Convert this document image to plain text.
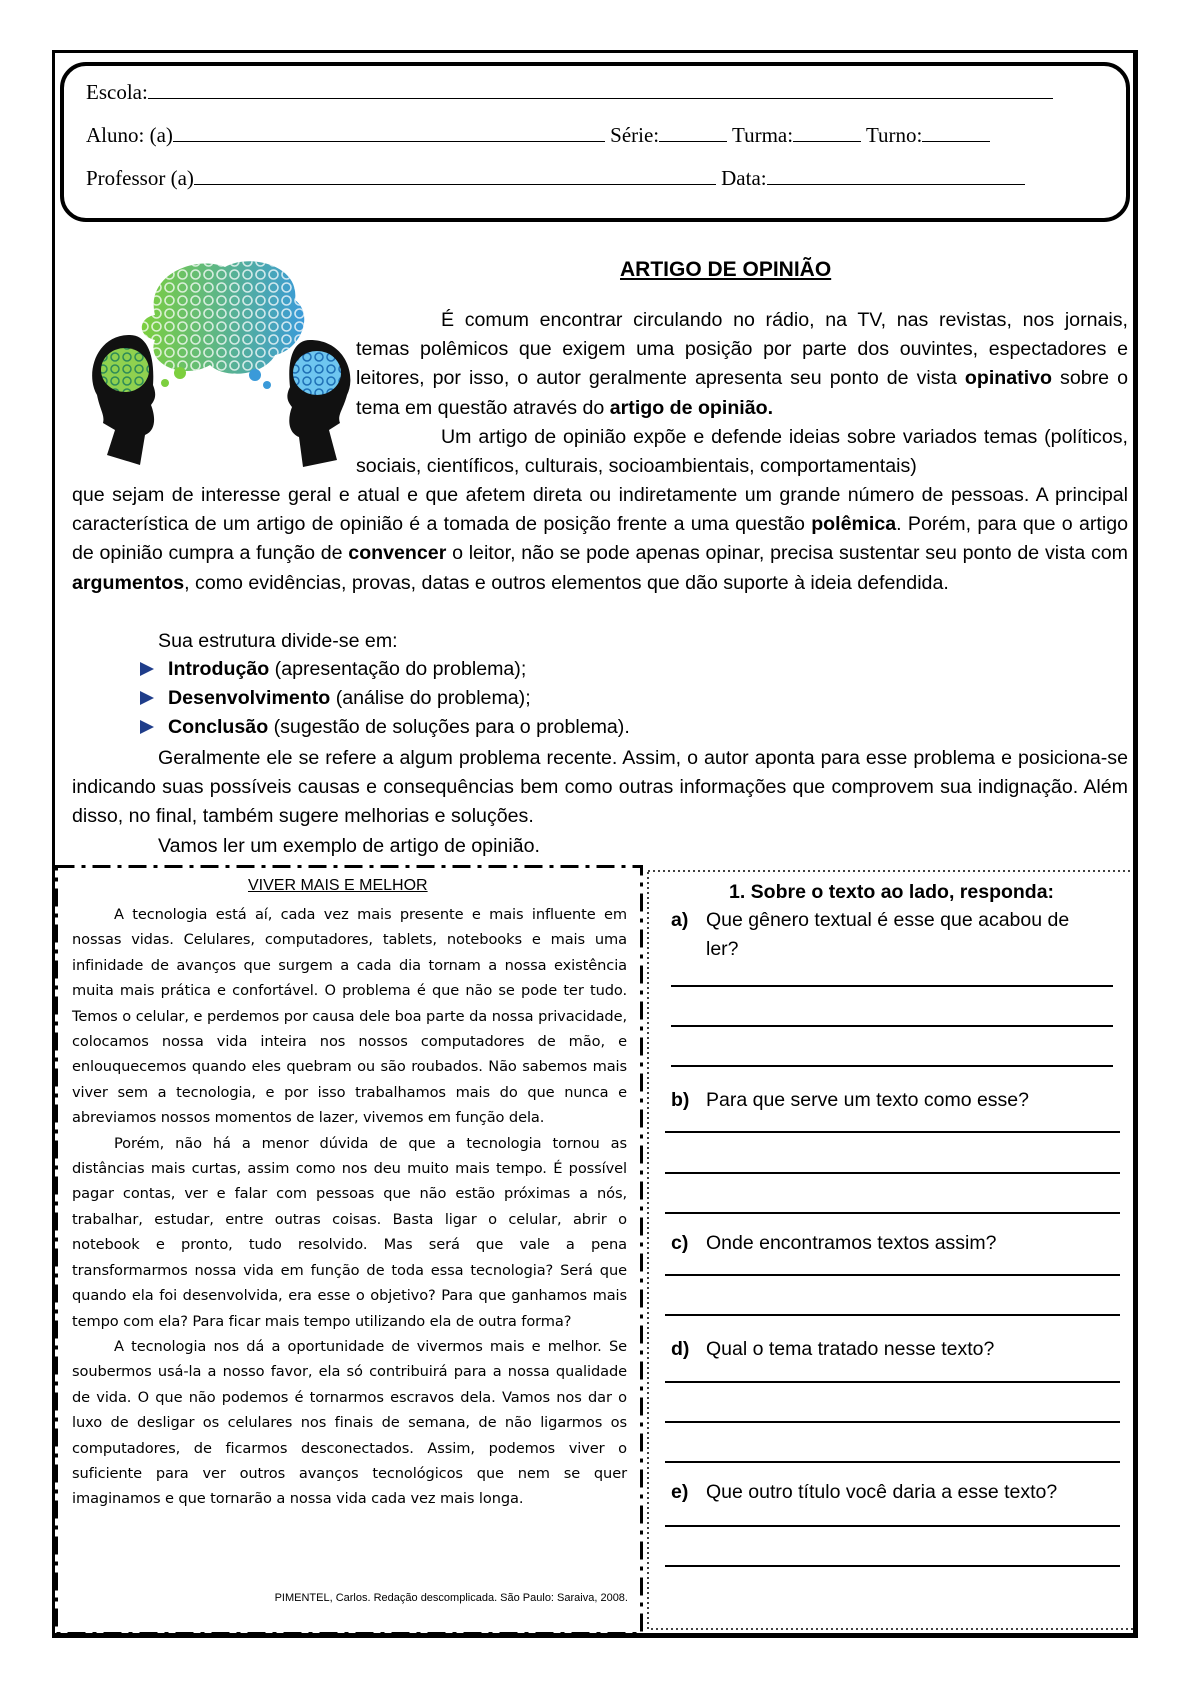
Escola:
Aluno: (a)	Série:	Turma:	Turno:
Professor (a)	Data:
ARTIGO DE OPINIÃO

É comum encontrar circulando no rádio, na TV, nas revistas, nos jornais, temas polêmicos que exigem uma posição por parte dos ouvintes, espectadores e leitores, por isso, o autor geralmente apresenta seu ponto de vista opinativo sobre o tema em questão através do artigo de opinião.

Um artigo de opinião expõe e defende ideias sobre variados temas (políticos, sociais, científicos, culturais, socioambientais, comportamentais)

que sejam de interesse geral e atual e que afetem direta ou indiretamente um grande número de pessoas. A principal característica de um artigo de opinião é a tomada de posição frente a uma questão polêmica. Porém, para que o artigo de opinião cumpra a função de convencer o leitor, não se pode apenas opinar, precisa sustentar seu ponto de vista com argumentos, como evidências, provas, datas e outros elementos que dão suporte à ideia defendida.

Sua estrutura divide-se em:
Introdução (apresentação do problema);
Desenvolvimento (análise do problema);
Conclusão (sugestão de soluções para o problema).

Geralmente ele se refere a algum problema recente. Assim, o autor aponta para esse problema e posiciona-se indicando suas possíveis causas e consequências bem como outras informações que comprovem sua indignação. Além disso, no final, também sugere melhorias e soluções.

Vamos ler um exemplo de artigo de opinião.

VIVER MAIS E MELHOR

A tecnologia está aí, cada vez mais presente e mais influente em nossas vidas. Celulares, computadores, tablets, notebooks e mais uma infinidade de avanços que surgem a cada dia tornam a nossa existência muita mais prática e confortável. O problema é que não se pode ter tudo. Temos o celular, e perdemos por causa dele boa parte da nossa privacidade, colocamos nossa vida inteira nos nossos computadores de mão, e enlouquecemos quando eles quebram ou são roubados. Não sabemos mais viver sem a tecnologia, e por isso trabalhamos mais do que nunca e abreviamos nossos momentos de lazer, vivemos em função dela.

Porém, não há a menor dúvida de que a tecnologia tornou as distâncias mais curtas, assim como nos deu muito mais tempo. É possível pagar contas, ver e falar com pessoas que não estão próximas a nós, trabalhar, estudar, entre outras coisas. Basta ligar o celular, abrir o notebook e pronto, tudo resolvido. Mas será que vale a pena transformarmos nossa vida em função de toda essa tecnologia? Será que quando ela foi desenvolvida, era esse o objetivo? Para que ganhamos mais tempo com ela? Para ficar mais tempo utilizando ela de outra forma?

A tecnologia nos dá a oportunidade de vivermos mais e melhor. Se soubermos usá-la a nosso favor, ela só contribuirá para a nossa qualidade de vida. O que não podemos é tornarmos escravos dela. Vamos nos dar o luxo de desligar os celulares nos finais de semana, de não ligarmos os computadores, de ficarmos desconectados. Assim, podemos viver o suficiente para ver outros avanços tecnológicos que nem se quer imaginamos e que tornarão a nossa vida cada vez mais longa.

PIMENTEL, Carlos. Redação descomplicada. São Paulo: Saraiva, 2008.
1. Sobre o texto ao lado, responda:
a) Que gênero textual é esse que acabou de
ler?
b) Para que serve um texto como esse?
c) Onde encontramos textos assim?
d) Qual o tema tratado nesse texto?
e) Que outro título você daria a esse texto?
